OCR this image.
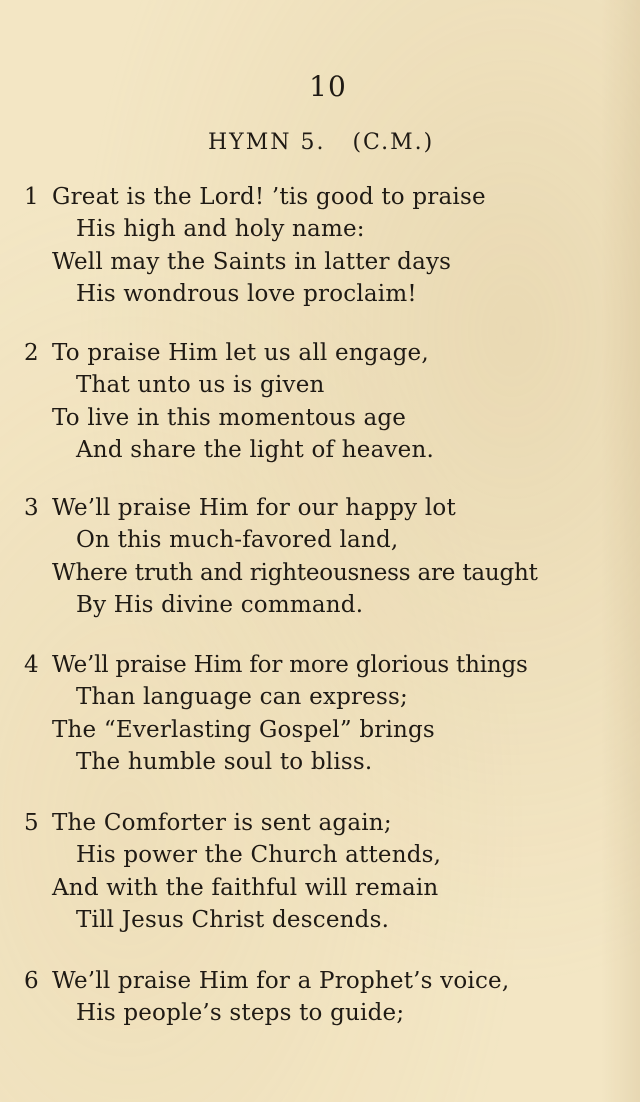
10
HYMN 5.   (C.M.)
1 Great is the Lord! ’tis good to praise
His high and holy name:
Well may the Saints in latter days
His wondrous love proclaim!
2 To praise Him let us all engage,
That unto us is given
To live in this momentous age
And share the light of heaven.
3 We’ll praise Him for our happy lot
On this much-favored land,
Where truth and righteousness are taught
By His divine command.
4 We’ll praise Him for more glorious things
Than language can express;
The “Everlasting Gospel” brings
The humble soul to bliss.
5 The Comforter is sent again;
His power the Church attends,
And with the faithful will remain
Till Jesus Christ descends.
6 We’ll praise Him for a Prophet’s voice,
His people’s steps to guide;
